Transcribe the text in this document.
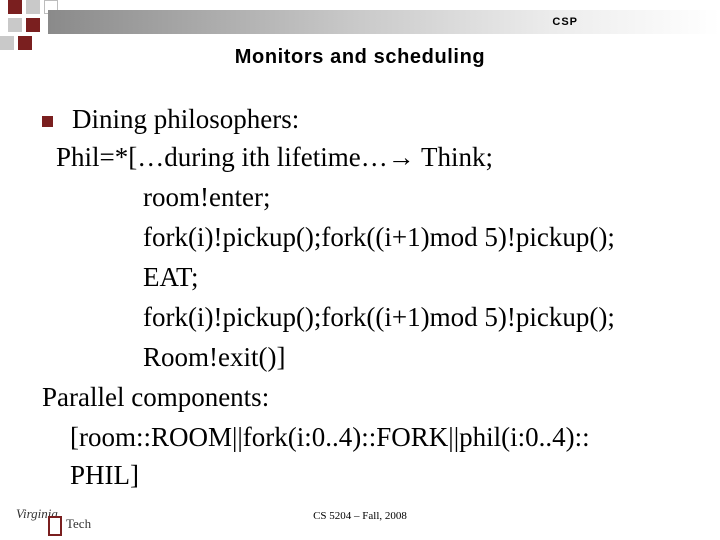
CSP
Monitors and scheduling
Dining philosophers:
Phil=*[…during ith lifetime…→ Think;
room!enter;
fork(i)!pickup();fork((i+1)mod 5)!pickup();
EAT;
fork(i)!pickup();fork((i+1)mod 5)!pickup();
Room!exit()]
Parallel components:
[room::ROOM||fork(i:0..4)::FORK||phil(i:0..4)::
PHIL]
Virginia
Tech	CS 5204 – Fall, 2008
